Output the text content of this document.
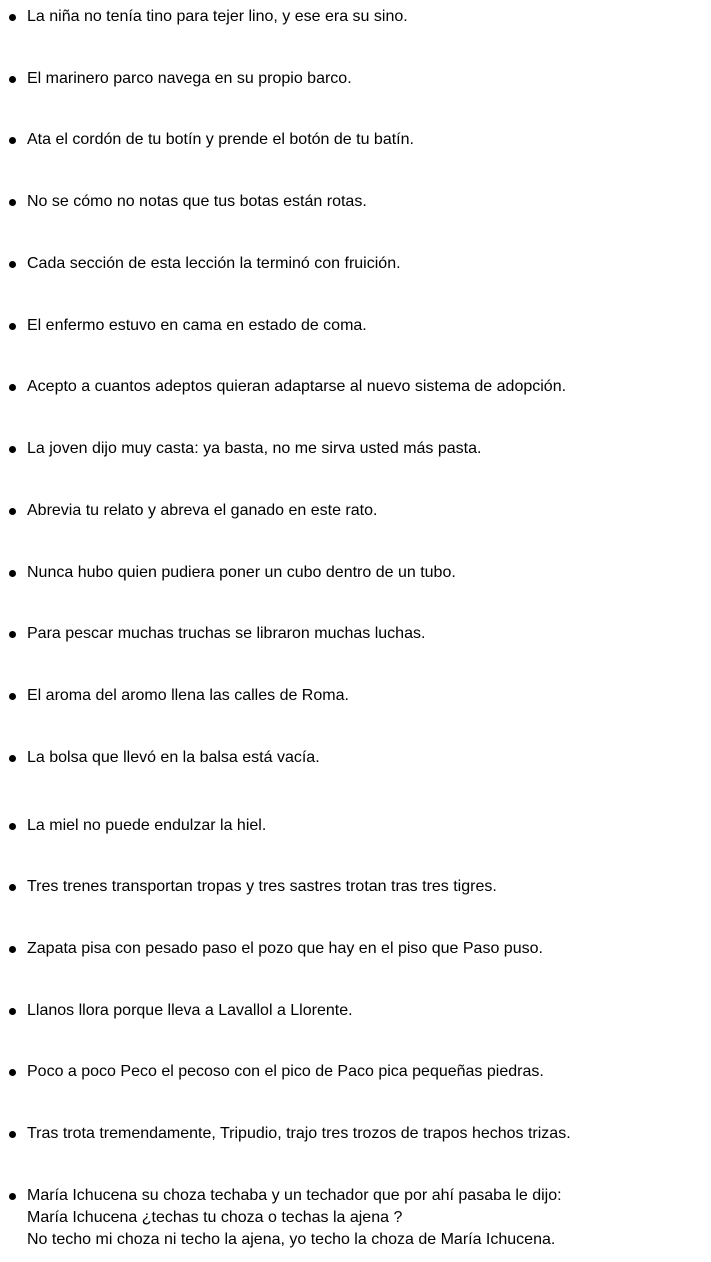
La niña no tenía tino para tejer lino, y ese era su sino.
El marinero parco navega en su propio barco.
Ata el cordón de tu botín y prende el botón de tu batín.
No se cómo no notas que tus botas están rotas.
Cada sección de esta lección la terminó con fruición.
El enfermo estuvo en cama en estado de coma.
Acepto a cuantos adeptos quieran adaptarse al nuevo sistema de adopción.
La joven dijo muy casta: ya basta, no me sirva usted más pasta.
Abrevia tu relato y abreva el ganado en este rato.
Nunca hubo quien pudiera poner un cubo dentro de un tubo.
Para pescar muchas truchas se libraron muchas luchas.
El aroma del aromo llena las calles de Roma.
La bolsa que llevó en la balsa está vacía.
La miel no puede endulzar la hiel.
Tres trenes transportan tropas y tres sastres trotan tras tres tigres.
Zapata pisa con pesado paso el pozo que hay en el piso que Paso puso.
Llanos llora porque lleva a Lavallol a Llorente.
Poco a poco Peco el pecoso con el pico de Paco pica pequeñas piedras.
Tras trota tremendamente, Tripudio, trajo tres trozos de trapos hechos trizas.
María Ichucena su choza techaba y un techador que por ahí pasaba le dijo:
María Ichucena ¿techas tu choza o techas la ajena ?
No techo mi choza ni techo la ajena, yo techo la choza de María Ichucena.
